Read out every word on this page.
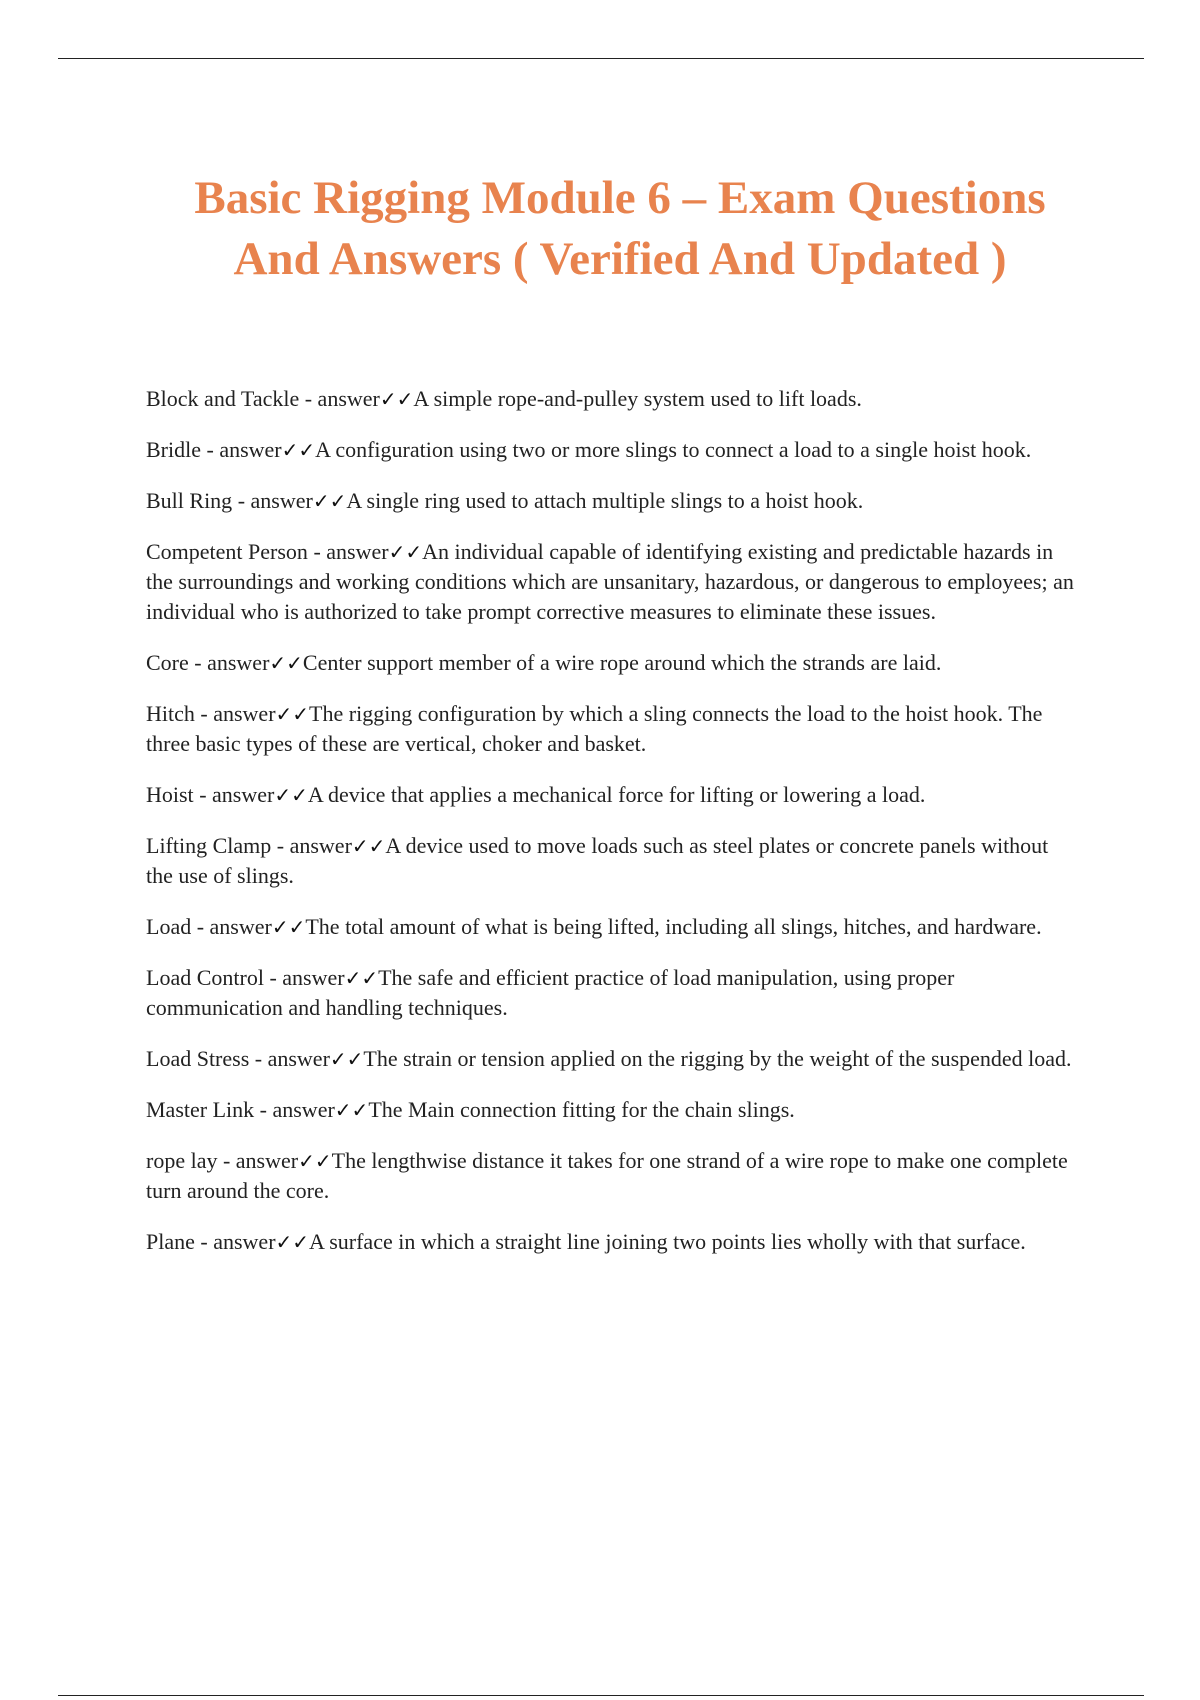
Basic Rigging Module 6 – Exam Questions
And Answers ( Verified And Updated )

Block and Tackle - answer✓✓A simple rope-and-pulley system used to lift loads.

Bridle - answer✓✓A configuration using two or more slings to connect a load to a single hoist hook.

Bull Ring - answer✓✓A single ring used to attach multiple slings to a hoist hook.

Competent Person - answer✓✓An individual capable of identifying existing and predictable hazards in the surroundings and working conditions which are unsanitary, hazardous, or dangerous to employees; an individual who is authorized to take prompt corrective measures to eliminate these issues.

Core - answer✓✓Center support member of a wire rope around which the strands are laid.

Hitch - answer✓✓The rigging configuration by which a sling connects the load to the hoist hook. The three basic types of these are vertical, choker and basket.

Hoist - answer✓✓A device that applies a mechanical force for lifting or lowering a load.

Lifting Clamp - answer✓✓A device used to move loads such as steel plates or concrete panels without the use of slings.

Load - answer✓✓The total amount of what is being lifted, including all slings, hitches, and hardware.

Load Control - answer✓✓The safe and efficient practice of load manipulation, using proper communication and handling techniques.

Load Stress - answer✓✓The strain or tension applied on the rigging by the weight of the suspended load.

Master Link - answer✓✓The Main connection fitting for the chain slings.

rope lay - answer✓✓The lengthwise distance it takes for one strand of a wire rope to make one complete turn around the core.

Plane - answer✓✓A surface in which a straight line joining two points lies wholly with that surface.
